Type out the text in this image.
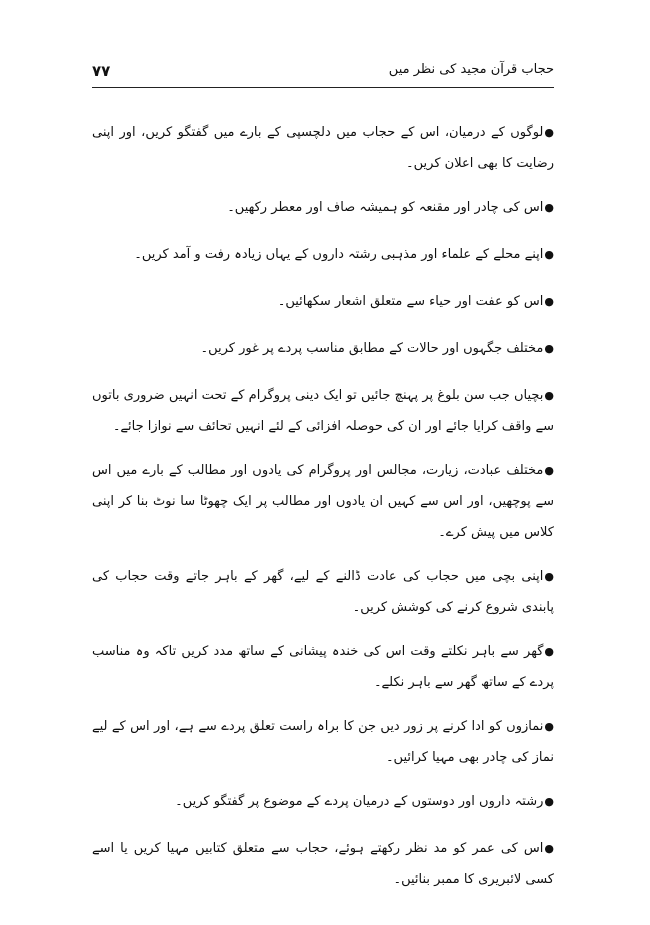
۷۷	حجاب قرآن مجید کی نظر میں

●لوگوں کے درمیان، اس کے حجاب میں دلچسپی کے بارے میں گفتگو کریں، اور اپنی رضایت کا بھی اعلان کریں۔

●اس کی چادر اور مقنعہ کو ہمیشہ صاف اور معطر رکھیں۔

●اپنے محلے کے علماء اور مذہبی رشتہ داروں کے یہاں زیادہ رفت و آمد کریں۔

●اس کو عفت اور حیاء سے متعلق اشعار سکھائیں۔

●مختلف جگہوں اور حالات کے مطابق مناسب پردے پر غور کریں۔

●بچیاں جب سن بلوغ پر پہنچ جائیں تو ایک دینی پروگرام کے تحت انہیں ضروری باتوں سے واقف کرایا جائے اور ان کی حوصلہ افزائی کے لئے انہیں تحائف سے نوازا جائے۔

●مختلف عبادت، زیارت، مجالس اور پروگرام کی یادوں اور مطالب کے بارے میں اس سے پوچھیں، اور اس سے کہیں ان یادوں اور مطالب پر ایک چھوٹا سا نوٹ بنا کر اپنی کلاس میں پیش کرے۔

●اپنی بچی میں حجاب کی عادت ڈالنے کے لیے، گھر کے باہر جاتے وقت حجاب کی پابندی شروع کرنے کی کوشش کریں۔

●گھر سے باہر نکلتے وقت اس کی خندہ پیشانی کے ساتھ مدد کریں تاکہ وہ مناسب پردے کے ساتھ گھر سے باہر نکلے۔

●نمازوں کو ادا کرنے پر زور دیں جن کا براہ راست تعلق پردے سے ہے، اور اس کے لیے نماز کی چادر بھی مہیا کرائیں۔

●رشتہ داروں اور دوستوں کے درمیان پردے کے موضوع پر گفتگو کریں۔

●اس کی عمر کو مد نظر رکھتے ہوئے، حجاب سے متعلق کتابیں مہیا کریں یا اسے کسی لائبریری کا ممبر بنائیں۔
